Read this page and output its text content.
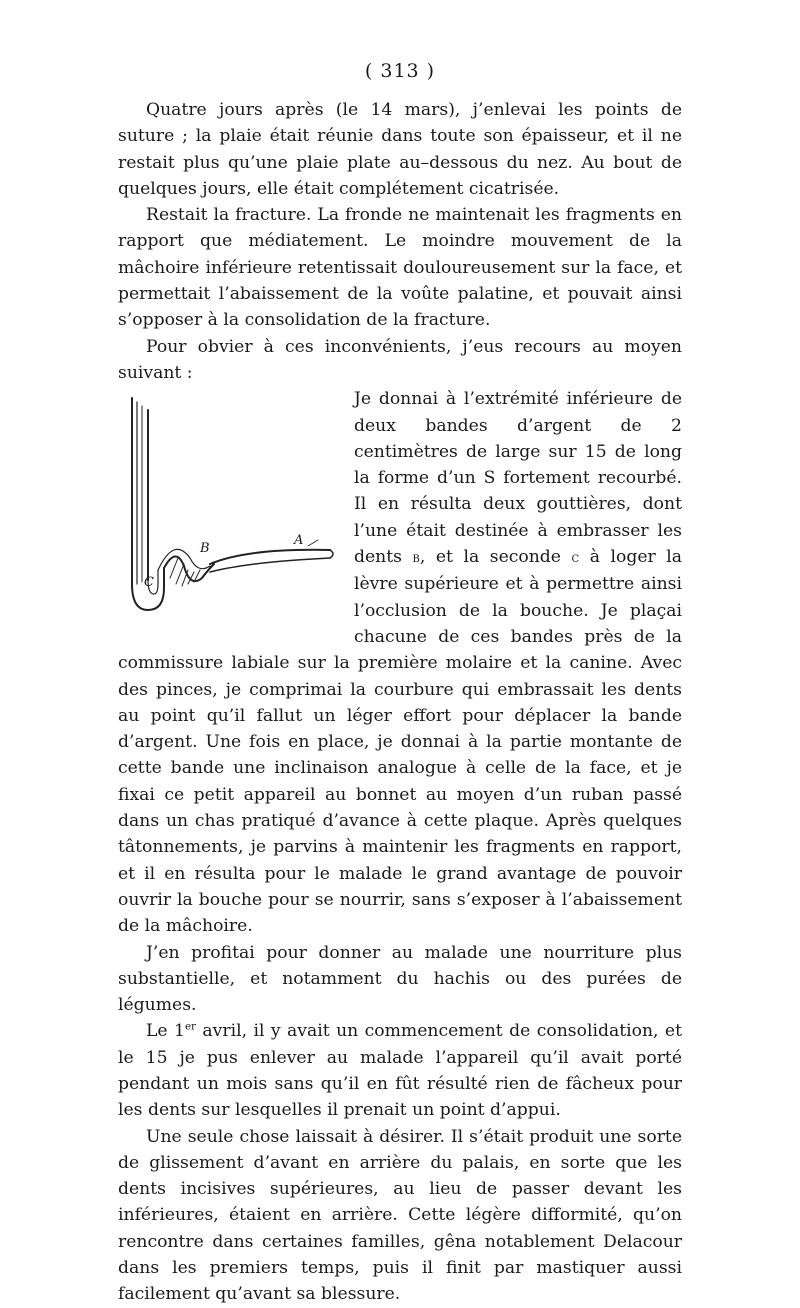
( 313 )

Quatre jours après (le 14 mars), j’enlevai les points de suture ; la plaie était réunie dans toute son épaisseur, et il ne restait plus qu’une plaie plate au–dessous du nez. Au bout de quelques jours, elle était complétement cicatrisée.

Restait la fracture. La fronde ne maintenait les fragments en rapport que médiatement. Le moindre mouvement de la mâchoire inférieure retentissait douloureusement sur la face, et permettait l’abaissement de la voûte palatine, et pouvait ainsi s’opposer à la consolidation de la fracture.

Pour obvier à ces inconvénients, j’eus recours au moyen suivant :

A
B
C
Je donnai à l’extrémité inférieure de deux bandes d’argent de 2 centimètres de large sur 15 de long la forme d’un S fortement recourbé. Il en résulta deux gouttières, dont l’une était destinée à embrasser les dents b, et la seconde c à loger la lèvre supérieure et à permettre ainsi l’occlusion de la bouche. Je plaçai chacune de ces bandes près de la commissure labiale sur la première molaire et la canine. Avec des pinces, je comprimai la courbure qui embrassait les dents au point qu’il fallut un léger effort pour déplacer la bande d’argent. Une fois en place, je donnai à la partie montante de cette bande une inclinaison analogue à celle de la face, et je fixai ce petit appareil au bonnet au moyen d’un ruban passé dans un chas pratiqué d’avance à cette plaque. Après quelques tâtonnements, je parvins à maintenir les fragments en rapport, et il en résulta pour le malade le grand avantage de pouvoir ouvrir la bouche pour se nourrir, sans s’exposer à l’abaissement de la mâchoire.

J’en profitai pour donner au malade une nourriture plus substantielle, et notamment du hachis ou des purées de légumes.

Le 1er avril, il y avait un commencement de consolidation, et le 15 je pus enlever au malade l’appareil qu’il avait porté pendant un mois sans qu’il en fût résulté rien de fâcheux pour les dents sur lesquelles il prenait un point d’appui.

Une seule chose laissait à désirer. Il s’était produit une sorte de glissement d’avant en arrière du palais, en sorte que les dents incisives supérieures, au lieu de passer devant les inférieures, étaient en arrière. Cette légère difformité, qu’on rencontre dans certaines familles, gêna notablement Delacour dans les premiers temps, puis il finit par mastiquer aussi facilement qu’avant sa blessure.
